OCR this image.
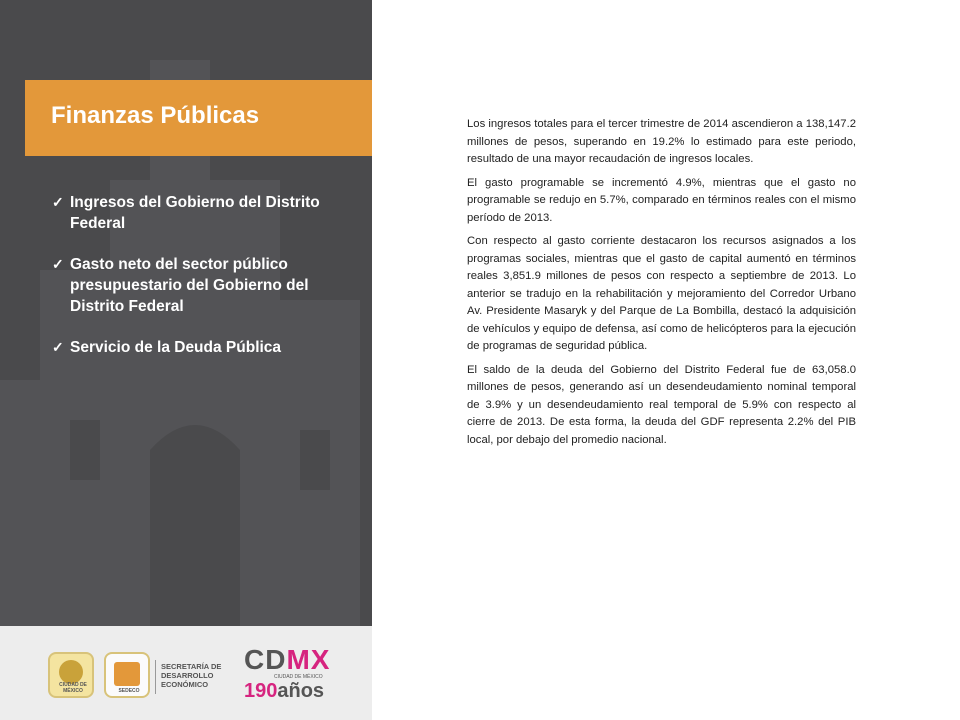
Finanzas Públicas
✓ Ingresos del Gobierno del Distrito Federal
✓ Gasto neto del sector público presupuestario del Gobierno del Distrito Federal
✓ Servicio de la Deuda Pública
CIUDAD DE MÉXICO	SEDECO
SECRETARÍA DE
DESARROLLO
ECONÓMICO
CDMX
CIUDAD DE MÉXICO
190años

Los ingresos totales para el tercer trimestre de 2014 ascendieron a 138,147.2 millones de pesos, superando en 19.2% lo estimado para este periodo, resultado de una mayor recaudación de ingresos locales.

El gasto programable se incrementó 4.9%, mientras que el gasto no programable se redujo en 5.7%, comparado en términos reales con el mismo período de 2013.

Con respecto al gasto corriente destacaron los recursos asignados a los programas sociales, mientras que el gasto de capital aumentó en términos reales 3,851.9 millones de pesos con respecto a septiembre de 2013. Lo anterior se tradujo en la rehabilitación y mejoramiento del Corredor Urbano Av. Presidente Masaryk y del Parque de La Bombilla, destacó la adquisición de vehículos y equipo de defensa, así como de helicópteros para la ejecución de programas de seguridad pública.

El saldo de la deuda del Gobierno del Distrito Federal fue de 63,058.0 millones de pesos, generando así un desendeudamiento nominal temporal de 3.9% y un desendeudamiento real temporal de 5.9% con respecto al cierre de 2013. De esta forma, la deuda del GDF representa 2.2% del PIB local, por debajo del promedio nacional.
